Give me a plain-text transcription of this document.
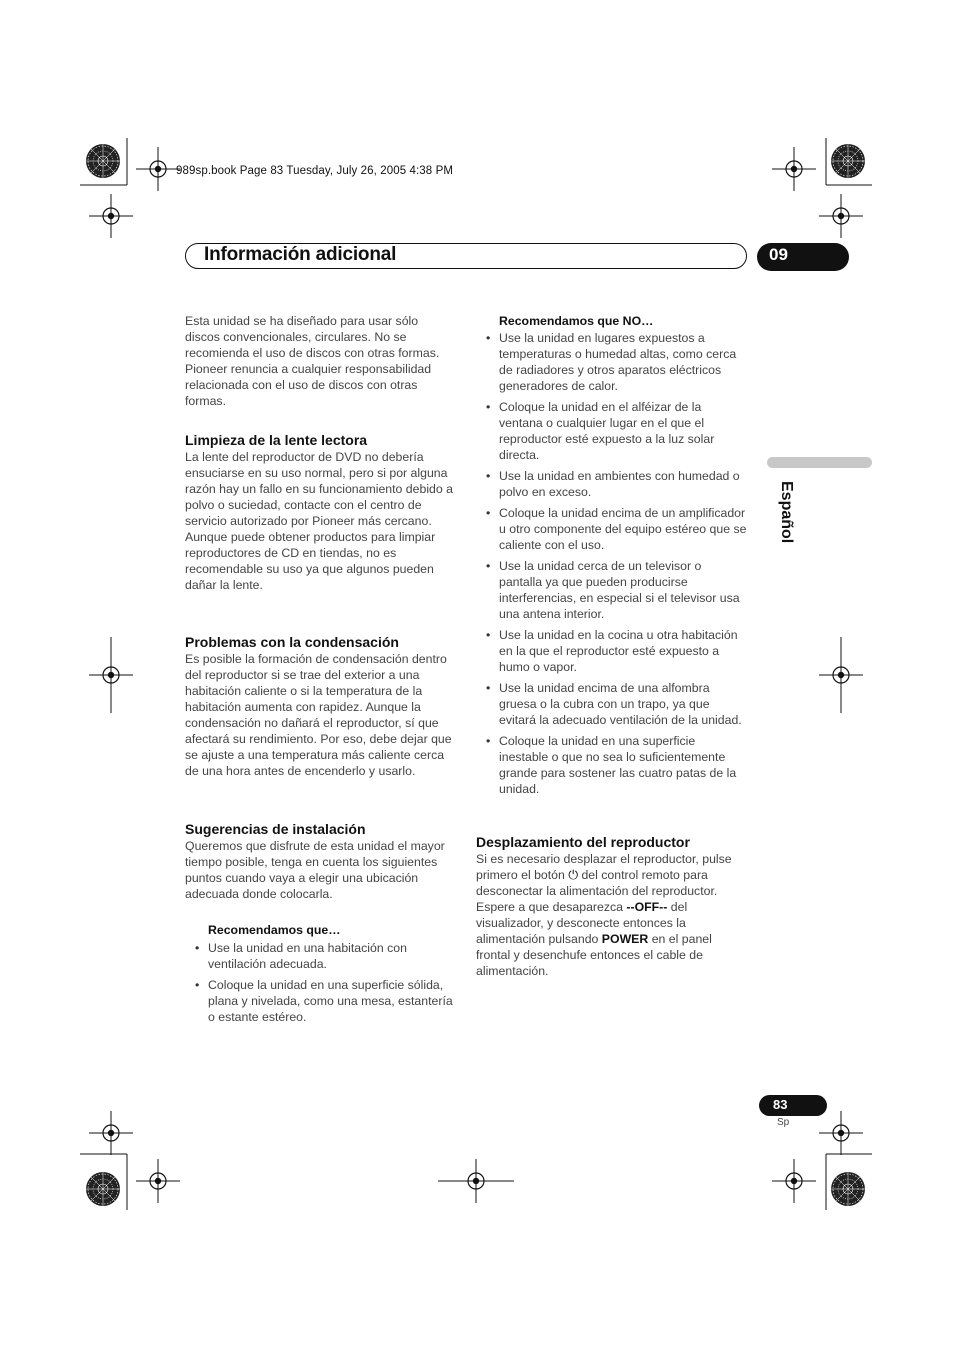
989sp.book Page 83 Tuesday, July 26, 2005 4:38 PM
Información adicional	09
Español

Esta unidad se ha diseñado para usar sólo discos convencionales, circulares. No se recomienda el uso de discos con otras formas. Pioneer renuncia a cualquier responsabilidad relacionada con el uso de discos con otras formas.

Limpieza de la lente lectora

La lente del reproductor de DVD no debería ensuciarse en su uso normal, pero si por alguna razón hay un fallo en su funcionamiento debido a polvo o suciedad, contacte con el centro de servicio autorizado por Pioneer más cercano. Aunque puede obtener productos para limpiar reproductores de CD en tiendas, no es recomendable su uso ya que algunos pueden dañar la lente.

Problemas con la condensación

Es posible la formación de condensación dentro del reproductor si se trae del exterior a una habitación caliente o si la temperatura de la habitación aumenta con rapidez. Aunque la condensación no dañará el reproductor, sí que afectará su rendimiento. Por eso, debe dejar que se ajuste a una temperatura más caliente cerca de una hora antes de encenderlo y usarlo.

Sugerencias de instalación

Queremos que disfrute de esta unidad el mayor tiempo posible, tenga en cuenta los siguientes puntos cuando vaya a elegir una ubicación adecuada donde colocarla.

Recomendamos que…
• Use la unidad en una habitación con ventilación adecuada.
• Coloque la unidad en una superficie sólida, plana y nivelada, como una mesa, estantería o estante estéreo.
Recomendamos que NO…
• Use la unidad en lugares expuestos a temperaturas o humedad altas, como cerca de radiadores y otros aparatos eléctricos generadores de calor.
• Coloque la unidad en el alféizar de la ventana o cualquier lugar en el que el reproductor esté expuesto a la luz solar directa.
• Use la unidad en ambientes con humedad o polvo en exceso.
• Coloque la unidad encima de un amplificador u otro componente del equipo estéreo que se caliente con el uso.
• Use la unidad cerca de un televisor o pantalla ya que pueden producirse interferencias, en especial si el televisor usa una antena interior.
• Use la unidad en la cocina u otra habitación en la que el reproductor esté expuesto a humo o vapor.
• Use la unidad encima de una alfombra gruesa o la cubra con un trapo, ya que evitará la adecuado ventilación de la unidad.
• Coloque la unidad en una superficie inestable o que no sea lo suficientemente grande para sostener las cuatro patas de la unidad.
Desplazamiento del reproductor

Si es necesario desplazar el reproductor, pulse primero el botón ⏻ del control remoto para desconectar la alimentación del reproductor. Espere a que desaparezca --OFF-- del visualizador, y desconecte entonces la alimentación pulsando POWER en el panel frontal y desenchufe entonces el cable de alimentación.

83
Sp
